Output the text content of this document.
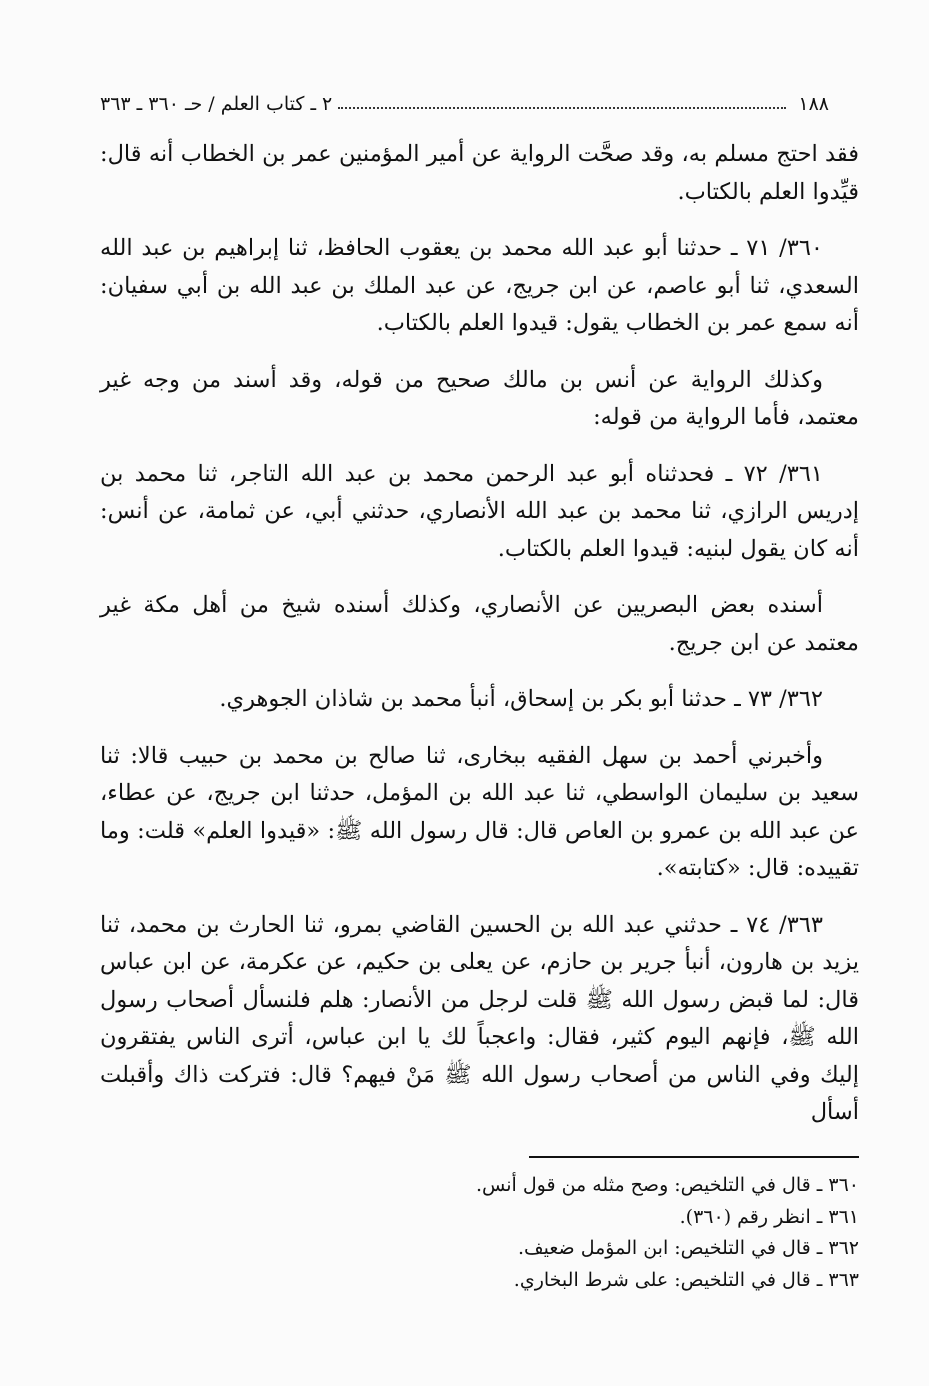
١٨٨
٢ ـ كتاب العلم / حـ ٣٦٠ ـ ٣٦٣

فقد احتج مسلم به، وقد صحَّت الرواية عن أمير المؤمنين عمر بن الخطاب أنه قال: قيِّدوا العلم بالكتاب.

٣٦٠/ ٧١ ـ حدثنا أبو عبد الله محمد بن يعقوب الحافظ، ثنا إبراهيم بن عبد الله السعدي، ثنا أبو عاصم، عن ابن جريج، عن عبد الملك بن عبد الله بن أبي سفيان: أنه سمع عمر بن الخطاب يقول: قيدوا العلم بالكتاب.

وكذلك الرواية عن أنس بن مالك صحيح من قوله، وقد أسند من وجه غير معتمد، فأما الرواية من قوله:

٣٦١/ ٧٢ ـ فحدثناه أبو عبد الرحمن محمد بن عبد الله التاجر، ثنا محمد بن إدريس الرازي، ثنا محمد بن عبد الله الأنصاري، حدثني أبي، عن ثمامة، عن أنس: أنه كان يقول لبنيه: قيدوا العلم بالكتاب.

أسنده بعض البصريين عن الأنصاري، وكذلك أسنده شيخ من أهل مكة غير معتمد عن ابن جريج.

٣٦٢/ ٧٣ ـ حدثنا أبو بكر بن إسحاق، أنبأ محمد بن شاذان الجوهري.

وأخبرني أحمد بن سهل الفقيه ببخارى، ثنا صالح بن محمد بن حبيب قالا: ثنا سعيد بن سليمان الواسطي، ثنا عبد الله بن المؤمل، حدثنا ابن جريج، عن عطاء، عن عبد الله بن عمرو بن العاص قال: قال رسول الله ﷺ: «قيدوا العلم» قلت: وما تقييده: قال: «كتابته».

٣٦٣/ ٧٤ ـ حدثني عبد الله بن الحسين القاضي بمرو، ثنا الحارث بن محمد، ثنا يزيد بن هارون، أنبأ جرير بن حازم، عن يعلى بن حكيم، عن عكرمة، عن ابن عباس قال: لما قبض رسول الله ﷺ قلت لرجل من الأنصار: هلم فلنسأل أصحاب رسول الله ﷺ، فإنهم اليوم كثير، فقال: واعجباً لك يا ابن عباس، أترى الناس يفتقرون إليك وفي الناس من أصحاب رسول الله ﷺ مَنْ فيهم؟ قال: فتركت ذاك وأقبلت أسأل

٣٦٠ ـ قال في التلخيص: وصح مثله من قول أنس.
٣٦١ ـ انظر رقم (٣٦٠).
٣٦٢ ـ قال في التلخيص: ابن المؤمل ضعيف.
٣٦٣ ـ قال في التلخيص: على شرط البخاري.
